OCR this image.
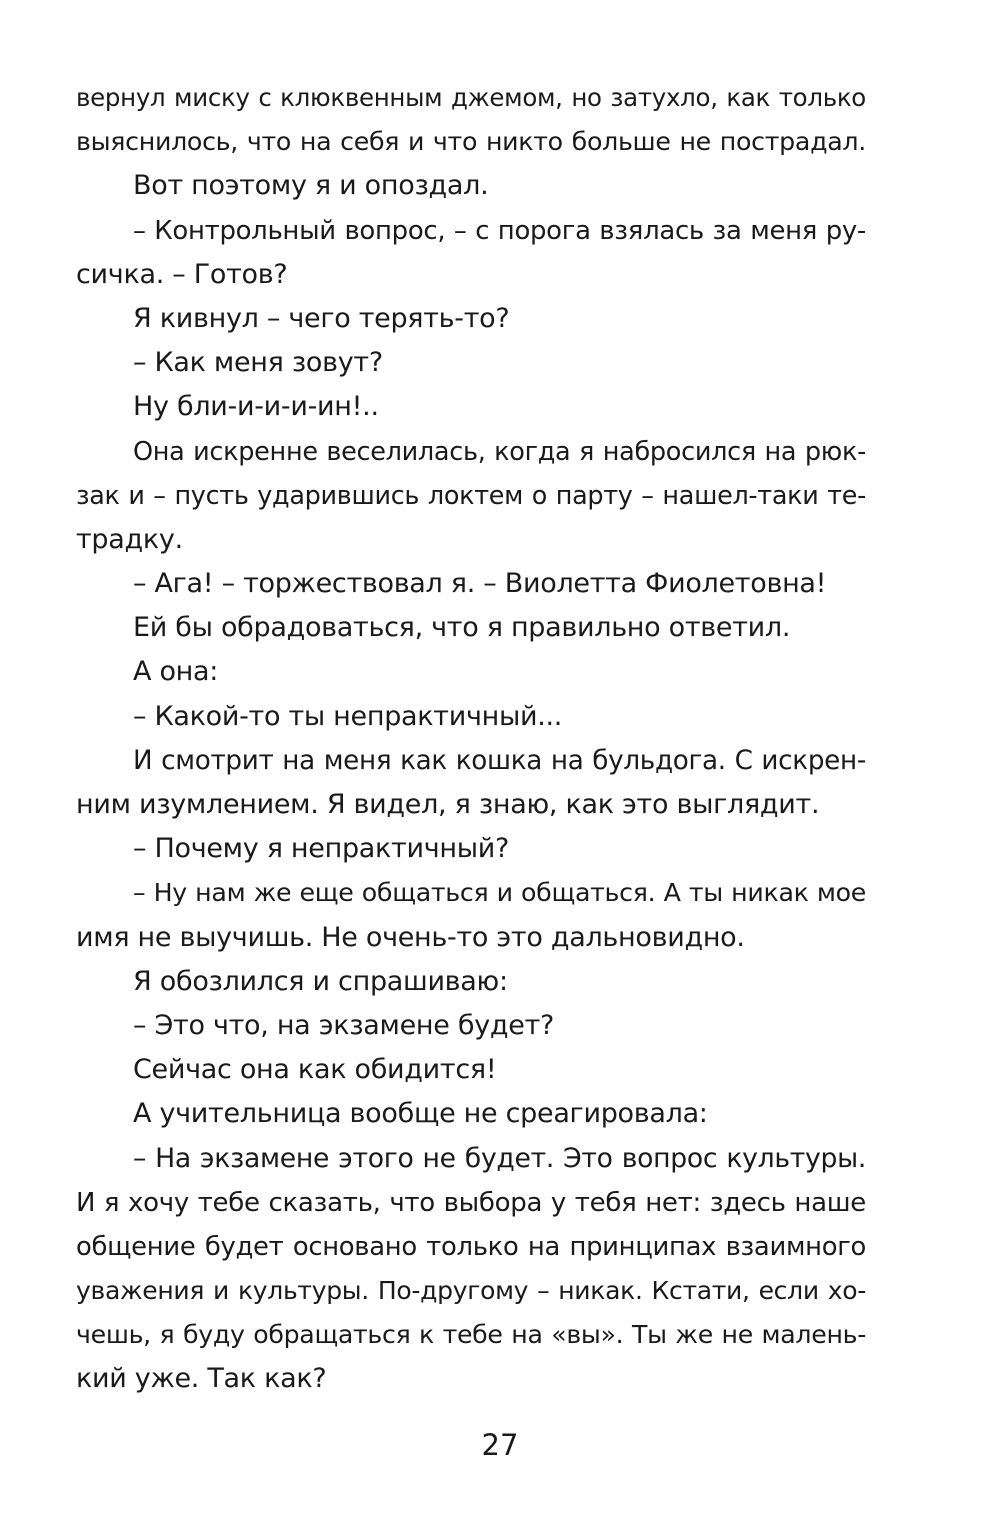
вернул миску с клюквенным джемом, но затухло, как только
выяснилось, что на себя и что никто больше не пострадал.
Вот поэтому я и опоздал.
– Контрольный вопрос, – с порога взялась за меня ру-
сичка. – Готов?
Я кивнул – чего терять-то?
– Как меня зовут?
Ну бли-и-и-и-ин!..
Она искренне веселилась, когда я набросился на рюк-
зак и – пусть ударившись локтем о парту – нашел-таки те-
традку.
– Ага! – торжествовал я. – Виолетта Фиолетовна!
Ей бы обрадоваться, что я правильно ответил.
А она:
– Какой-то ты непрактичный...
И смотрит на меня как кошка на бульдога. С искрен-
ним изумлением. Я видел, я знаю, как это выглядит.
– Почему я непрактичный?
– Ну нам же еще общаться и общаться. А ты никак мое
имя не выучишь. Не очень-то это дальновидно.
Я обозлился и спрашиваю:
– Это что, на экзамене будет?
Сейчас она как обидится!
А учительница вообще не среагировала:
– На экзамене этого не будет. Это вопрос культуры.
И я хочу тебе сказать, что выбора у тебя нет: здесь наше
общение будет основано только на принципах взаимного
уважения и культуры. По-другому – никак. Кстати, если хо-
чешь, я буду обращаться к тебе на «вы». Ты же не малень-
кий уже. Так как?
27
